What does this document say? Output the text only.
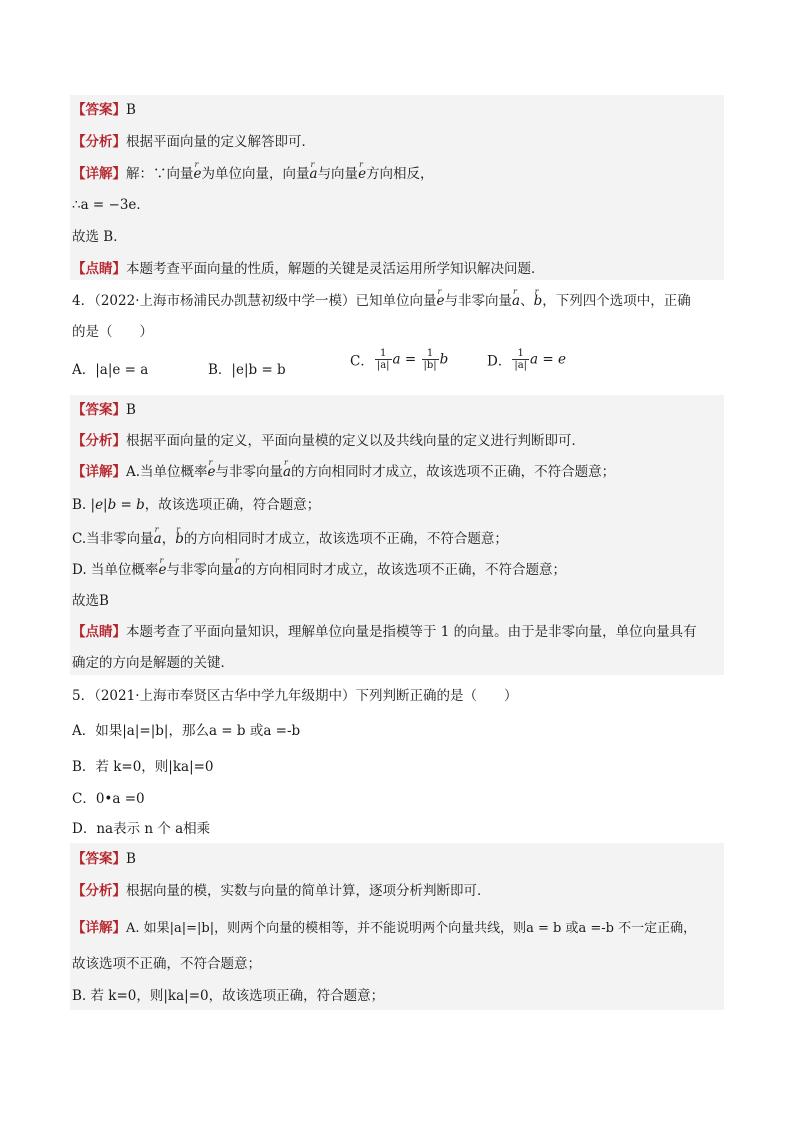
【答案】B
【分析】根据平面向量的定义解答即可．
【详解】解：∵向量r e为单位向量，向量r a与向量r e方向相反，
∴a = −3e．
故选 B．
【点睛】本题考查平面向量的性质，解题的关键是灵活运用所学知识解决问题．
4．（2022·上海市杨浦民办凯慧初级中学一模）已知单位向量r e与非零向量r a、r b，下列四个选项中，正确
的是（　　）
A．|a|e = a	B．|e|b = b
C． $\frac{1}{|a|}$ $a = \frac{1}{|b|}$ b	D． $\frac{1}{|a|}$ a = e
【答案】B
【分析】根据平面向量的定义，平面向量模的定义以及共线向量的定义进行判断即可．
【详解】A.当单位概率r e与非零向量r a的方向相同时才成立，故该选项不正确，不符合题意；
B. |e|b = b，故该选项正确，符合题意；
C.当非零向量r a，r b的方向相同时才成立，故该选项不正确，不符合题意；
D. 当单位概率r e与非零向量r a的方向相同时才成立，故该选项不正确，不符合题意；
故选B
【点睛】本题考查了平面向量知识，理解单位向量是指模等于 1 的向量。由于是非零向量，单位向量具有
确定的方向是解题的关键．
5．（2021·上海市奉贤区古华中学九年级期中）下列判断正确的是（　　）
A．如果|a|=|b|，那么a = b 或a =-b
B．若 k=0，则|ka|=0
C．0•a =0
D．na表示 n 个 a相乘
【答案】B
【分析】根据向量的模，实数与向量的简单计算，逐项分析判断即可．
【详解】A. 如果|a|=|b|，则两个向量的模相等，并不能说明两个向量共线，则a = b 或a =-b 不一定正确，
故该选项不正确，不符合题意；
B. 若 k=0，则|ka|=0，故该选项正确，符合题意；
